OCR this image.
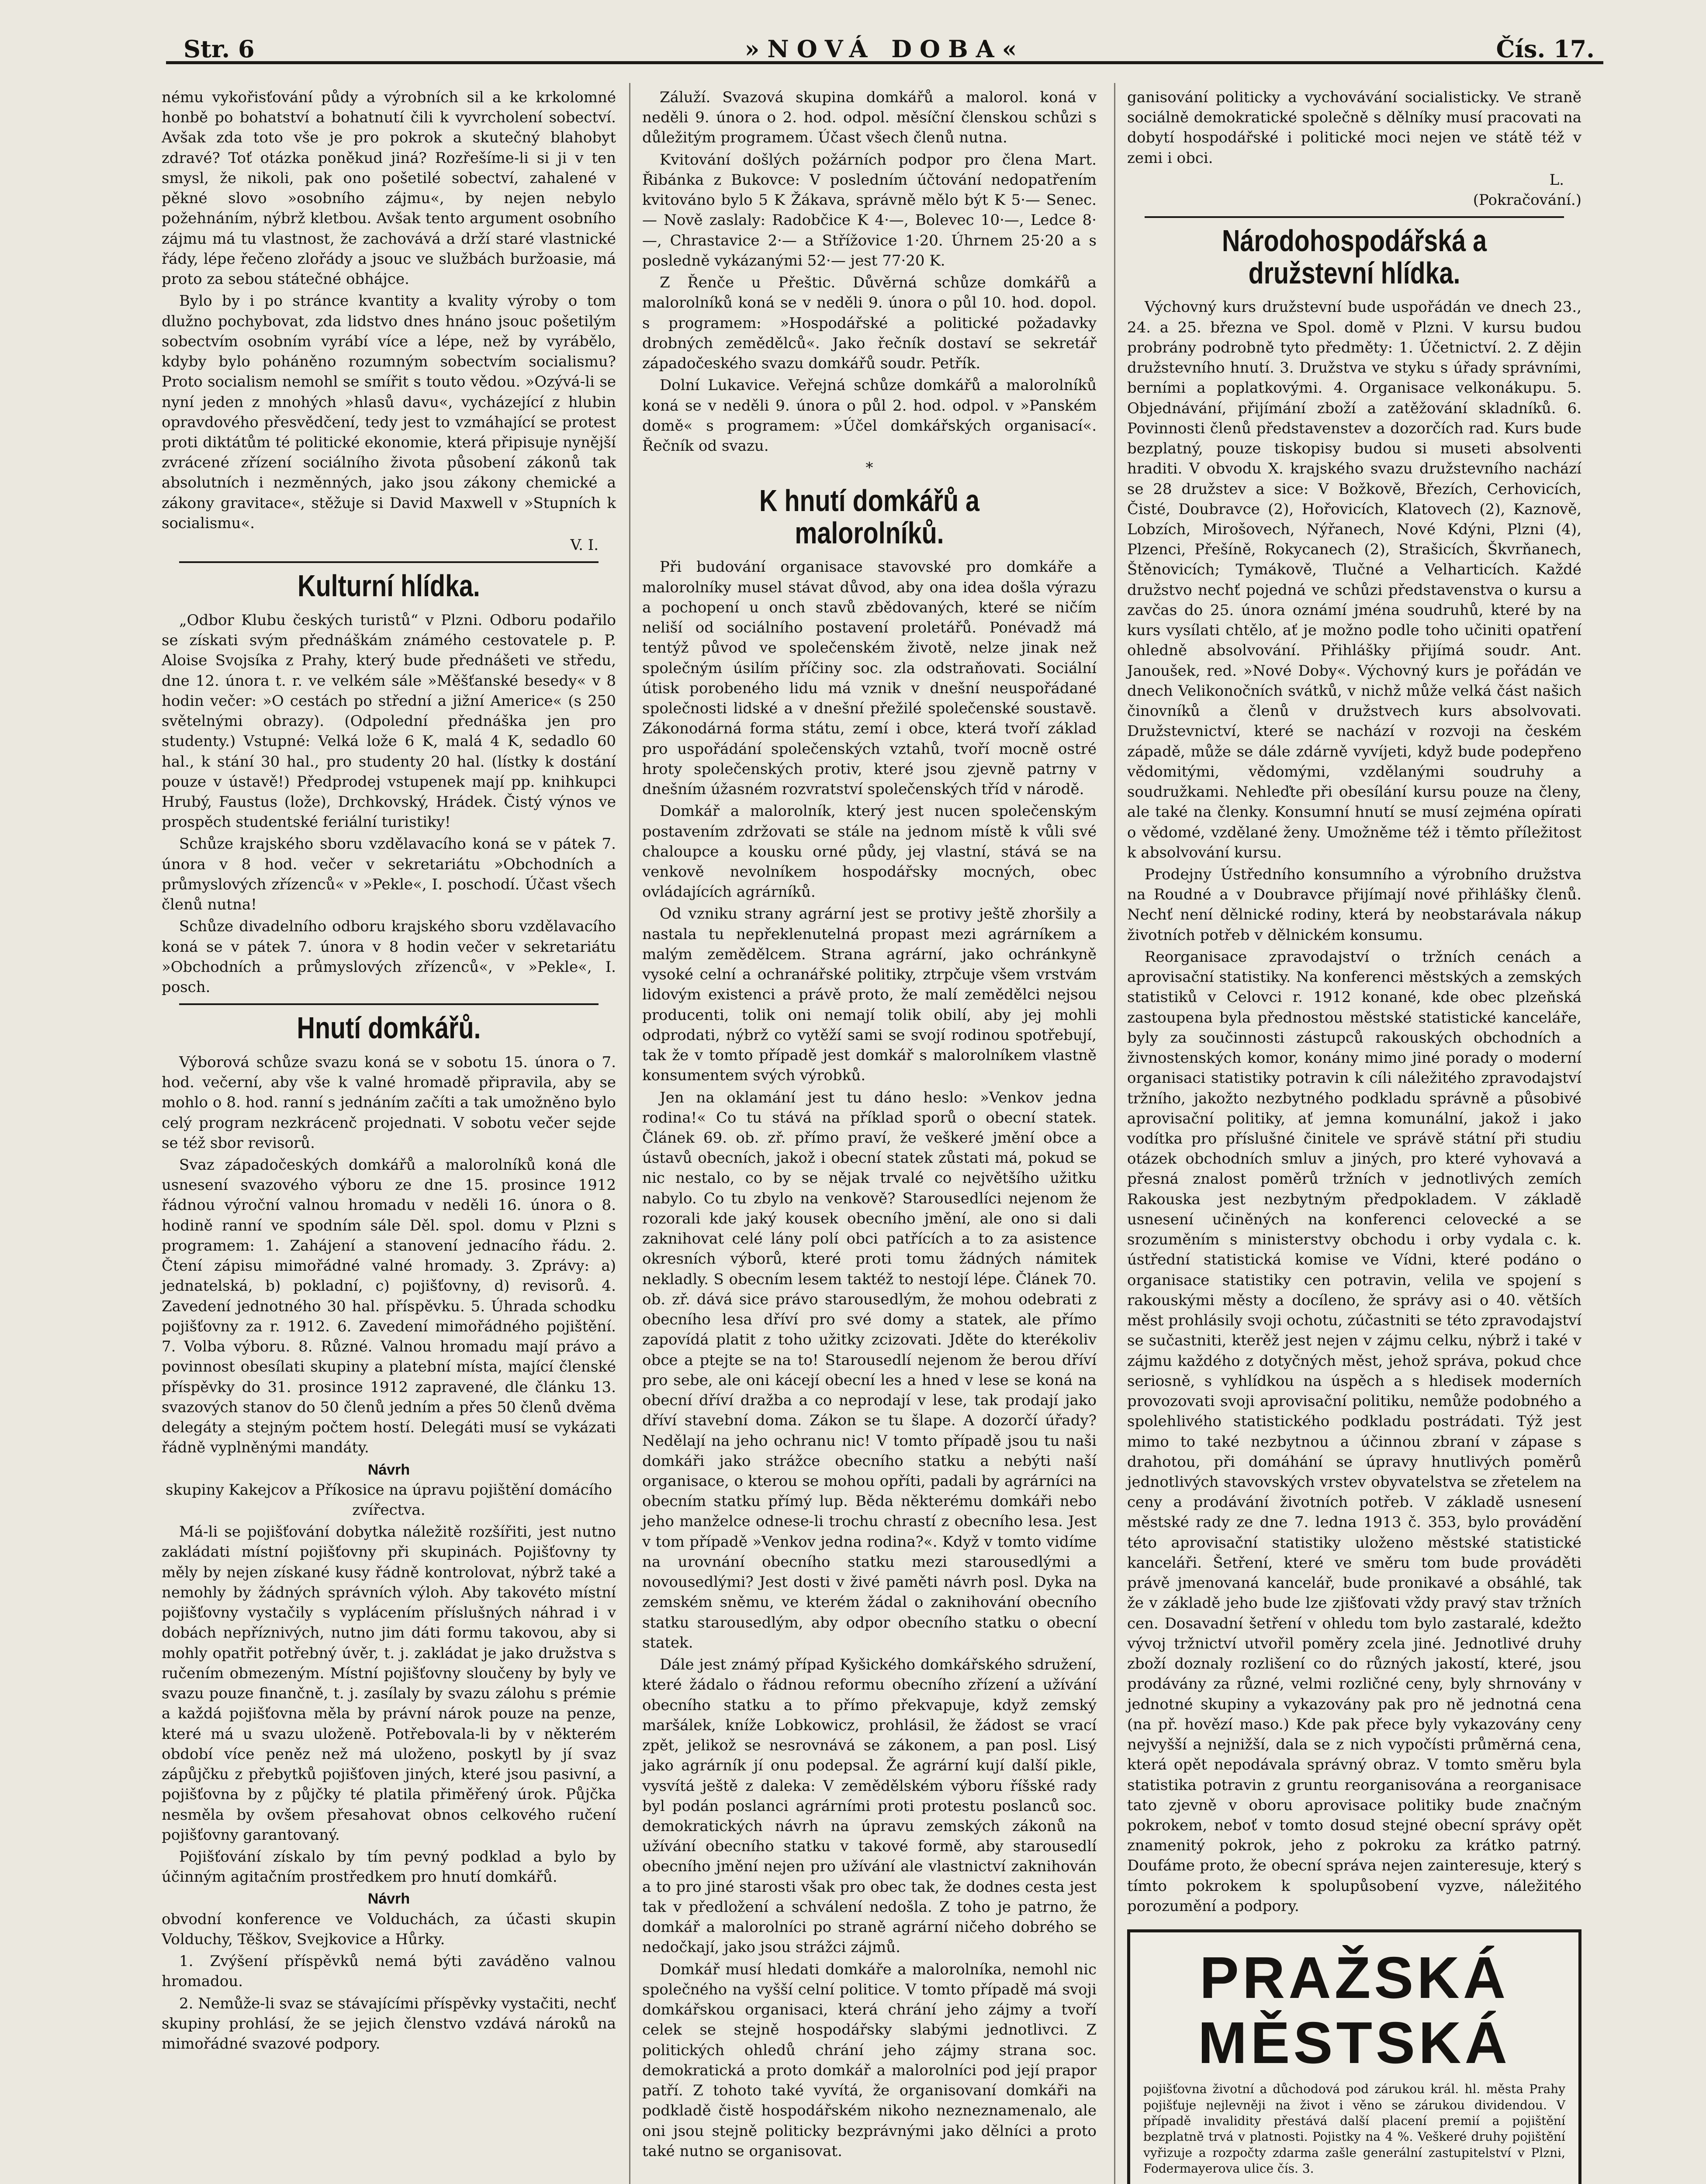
Str. 6	»NOVÁ DOBA«	Čís. 17.

nému vykořisťování půdy a výrobních sil a ke krkolomné honbě po bohatství a bohatnutí čili k vyvrcholení sobectví. Avšak zda toto vše je pro pokrok a skutečný blahobyt zdravé? Toť otázka poněkud jiná? Rozřešíme-li si ji v ten smysl, že nikoli, pak ono pošetilé sobectví, zahalené v pěkné slovo »osobního zájmu«, by nejen nebylo požehnáním, nýbrž kletbou. Avšak tento argument osobního zájmu má tu vlastnost, že zachovává a drží staré vlastnické řády, lépe řečeno zlořády a jsouc ve službách buržoasie, má proto za sebou státečné obhájce.

Bylo by i po stránce kvantity a kvality výroby o tom dlužno pochybovat, zda lidstvo dnes hnáno jsouc pošetilým sobectvím osobním vyrábí více a lépe, než by vyrábělo, kdyby bylo poháněno rozumným sobectvím socialismu? Proto socialism nemohl se smířit s touto vědou. »Ozývá-li se nyní jeden z mnohých »hlasů davu«, vycházející z hlubin opravdového přesvědčení, tedy jest to vzmáhající se protest proti diktátům té politické ekonomie, která připisuje nynější zvrácené zřízení sociálního života působení zákonů tak absolutních i nezměnných, jako jsou zákony chemické a zákony gravitace«, stěžuje si David Maxwell v »Stupních k socialismu«.

V. I.
Kulturní hlídka.

„Odbor Klubu českých turistů“ v Plzni. Odboru podařilo se získati svým přednáškám známého cestovatele p. P. Aloise Svojsíka z Prahy, který bude přednášeti ve středu, dne 12. února t. r. ve velkém sále »Měšťanské besedy« v 8 hodin večer: »O cestách po střední a jižní Americe« (s 250 světelnými obrazy). (Odpolední přednáška jen pro studenty.) Vstupné: Velká lože 6 K, malá 4 K, sedadlo 60 hal., k stání 30 hal., pro studenty 20 hal. (lístky k dostání pouze v ústavě!) Předprodej vstupenek mají pp. knihkupci Hrubý, Faustus (lože), Drchkovský, Hrádek. Čistý výnos ve prospěch studentské feriální turistiky!

Schůze krajského sboru vzdělavacího koná se v pátek 7. února v 8 hod. večer v sekretariátu »Obchodních a průmyslových zřízenců« v »Pekle«, I. poschodí. Účast všech členů nutna!

Schůze divadelního odboru krajského sboru vzdělavacího koná se v pátek 7. února v 8 hodin večer v sekretariátu »Obchodních a průmyslových zřízenců«, v »Pekle«, I. posch.

Hnutí domkářů.

Výborová schůze svazu koná se v sobotu 15. února o 7. hod. večerní, aby vše k valné hromadě připravila, aby se mohlo o 8. hod. ranní s jednáním začíti a tak umožněno bylo celý program nezkrácenč projednati. V sobotu večer sejde se též sbor revisorů.

Svaz západočeských domkářů a malorolníků koná dle usnesení svazového výboru ze dne 15. prosince 1912 řádnou výroční valnou hromadu v neděli 16. února o 8. hodině ranní ve spodním sále Děl. spol. domu v Plzni s programem: 1. Zahájení a stanovení jednacího řádu. 2. Čtení zápisu mimořádné valné hromady. 3. Zprávy: a) jednatelská, b) pokladní, c) pojišťovny, d) revisorů. 4. Zavedení jednotného 30 hal. příspěvku. 5. Úhrada schodku pojišťovny za r. 1912. 6. Zavedení mimořádného pojištění. 7. Volba výboru. 8. Různé. Valnou hromadu mají právo a povinnost obesílati skupiny a platební místa, mající členské příspěvky do 31. prosince 1912 zapravené, dle článku 13. svazových stanov do 50 členů jedním a přes 50 členů dvěma delegáty a stejným počtem hostí. Delegáti musí se vykázati řádně vyplněnými mandáty.

Návrh

skupiny Kakejcov a Příkosice na úpravu pojištění domácího zvířectva.

Má-li se pojišťování dobytka náležitě rozšířiti, jest nutno zakládati místní pojišťovny při skupinách. Pojišťovny ty měly by nejen získané kusy řádně kontrolovat, nýbrž také a nemohly by žádných správních výloh. Aby takovéto místní pojišťovny vystačily s vyplácením příslušných náhrad i v dobách nepříznivých, nutno jim dáti formu takovou, aby si mohly opatřit potřebný úvěr, t. j. zakládat je jako družstva s ručením obmezeným. Místní pojišťovny sloučeny by byly ve svazu pouze finančně, t. j. zasílaly by svazu zálohu s prémie a každá pojišťovna měla by právní nárok pouze na penze, které má u svazu uloženě. Potřebovala-li by v některém období více peněz než má uloženo, poskytl by jí svaz zápůjčku z přebytků pojišťoven jiných, které jsou pasivní, a pojišťovna by z půjčky té platila přiměřený úrok. Půjčka nesměla by ovšem přesahovat obnos celkového ručení pojišťovny garantovaný.

Pojišťování získalo by tím pevný podklad a bylo by účinným agitačním prostředkem pro hnutí domkářů.

Návrh

obvodní konference ve Volduchách, za účasti skupin Volduchy, Těškov, Svejkovice a Hůrky.

1. Zvýšení příspěvků nemá býti zaváděno valnou hromadou.

2. Nemůže-li svaz se stávajícími příspěvky vystačiti, nechť skupiny prohlásí, že se jejich členstvo vzdává nároků na mimořádné svazové podpory.

Záluží. Svazová skupina domkářů a malorol. koná v neděli 9. února o 2. hod. odpol. měsíční členskou schůzi s důležitým programem. Účast všech členů nutna.

Kvitování došlých požárních podpor pro člena Mart. Řibánka z Bukovce: V posledním účtování nedopatřením kvitováno bylo 5 K Žákava, správně mělo být K 5·— Senec. — Nově zaslaly: Radobčice K 4·—, Bolevec 10·—, Ledce 8·—, Chrastavice 2·— a Střížovice 1·20. Úhrnem 25·20 a s posledně vykázanými 52·— jest 77·20 K.

Z Řenče u Přeštic. Důvěrná schůze domkářů a malorolníků koná se v neděli 9. února o půl 10. hod. dopol. s programem: »Hospodářské a politické požadavky drobných zemědělců«. Jako řečník dostaví se sekretář západočeského svazu domkářů soudr. Petřík.

Dolní Lukavice. Veřejná schůze domkářů a malorolníků koná se v neděli 9. února o půl 2. hod. odpol. v »Panském domě« s programem: »Účel domkářských organisací«. Řečník od svazu.

*
K hnutí domkářů a malorolníků.

Při budování organisace stavovské pro domkáře a malorolníky musel stávat důvod, aby ona idea došla výrazu a pochopení u onch stavů zbědovaných, které se ničím neliší od sociálního postavení proletářů. Ponévadž má tentýž původ ve společenském životě, nelze jinak než společným úsilím příčiny soc. zla odstraňovati. Sociální útisk porobeného lidu má vznik v dnešní neuspořádané společnosti lidské a v dnešní přežilé společenské soustavě. Zákonodárná forma státu, zemí i obce, která tvoří základ pro uspořádání společenských vztahů, tvoří mocně ostré hroty společenských protiv, které jsou zjevně patrny v dnešním úžasném rozvratství společenských tříd v národě.

Domkář a malorolník, který jest nucen společenským postavením zdržovati se stále na jednom místě k vůli své chaloupce a kousku orné půdy, jej vlastní, stává se na venkově nevolníkem hospodářsky mocných, obec ovládajících agrárníků.

Od vzniku strany agrární jest se protivy ještě zhoršily a nastala tu nepřeklenutelná propast mezi agrárníkem a malým zemědělcem. Strana agrární, jako ochránkyně vysoké celní a ochranářské politiky, ztrpčuje všem vrstvám lidovým existenci a právě proto, že malí zemědělci nejsou producenti, tolik oni nemají tolik obilí, aby jej mohli odprodati, nýbrž co vytěží sami se svojí rodinou spotřebují, tak že v tomto případě jest domkář s malorolníkem vlastně konsumentem svých výrobků.

Jen na oklamání jest tu dáno heslo: »Venkov jedna rodina!« Co tu stává na příklad sporů o obecní statek. Článek 69. ob. zř. přímo praví, že veškeré jmění obce a ústavů obecních, jakož i obecní statek zůstati má, pokud se nic nestalo, co by se nějak trvalé co největšího užitku nabylo. Co tu zbylo na venkově? Starousedlíci nejenom že rozorali kde jaký kousek obecního jmění, ale ono si dali zaknihovat celé lány polí obci patřících a to za asistence okresních výborů, které proti tomu žádných námitek nekladly. S obecním lesem taktéž to nestojí lépe. Článek 70. ob. zř. dává sice právo starousedlým, že mohou odebrati z obecního lesa dříví pro své domy a statek, ale přímo zapovídá platit z toho užitky zcizovati. Jděte do kterékoliv obce a ptejte se na to! Starousedlí nejenom že berou dříví pro sebe, ale oni kácejí obecní les a hned v lese se koná na obecní dříví dražba a co neprodají v lese, tak prodají jako dříví stavební doma. Zákon se tu šlape. A dozorčí úřady? Nedělají na jeho ochranu nic! V tomto případě jsou tu naši domkáři jako strážce obecního statku a nebýti naší organisace, o kterou se mohou opříti, padali by agrárníci na obecním statku přímý lup. Běda některému domkáři nebo jeho manželce odnese-li trochu chrastí z obecního lesa. Jest v tom případě »Venkov jedna rodina?«. Když v tomto vidíme na urovnání obecního statku mezi starousedlými a novousedlými? Jest dosti v živé paměti návrh posl. Dyka na zemském sněmu, ve kterém žádal o zaknihování obecního statku starousedlým, aby odpor obecního statku o obecní statek.

Dále jest známý případ Kyšického domkářského sdružení, které žádalo o řádnou reformu obecního zřízení a užívání obecního statku a to přímo překvapuje, když zemský maršálek, kníže Lobkowicz, prohlásil, že žádost se vrací zpět, jelikož se nesrovnává se zákonem, a pan posl. Lisý jako agrárník jí onu podepsal. Že agrární kují další pikle, vysvítá ještě z daleka: V zemědělském výboru říšské rady byl podán poslanci agrárními proti protestu poslanců soc. demokratických návrh na úpravu zemských zákonů na užívání obecního statku v takové formě, aby starousedlí obecního jmění nejen pro užívání ale vlastnictví zaknihován a to pro jiné starosti však pro obec tak, že dodnes cesta jest tak v předložení a schválení nedošla. Z toho je patrno, že domkář a malorolníci po straně agrární ničeho dobrého se nedočkají, jako jsou strážci zájmů.

Domkář musí hledati domkáře a malorolníka, nemohl nic společného na vyšší celní politice. V tomto případě má svoji domkářskou organisaci, která chrání jeho zájmy a tvoří celek se stejně hospodářsky slabými jednotlivci. Z politických ohledů chrání jeho zájmy strana soc. demokratická a proto domkář a malorolníci pod její prapor patří. Z tohoto také vyvítá, že organisovaní domkáři na podkladě čistě hospodářském nikoho nezneznamenalo, ale oni jsou stejně politicky bezprávnými jako dělníci a proto také nutno se organisovat.

ganisování politicky a vychovávání socialisticky. Ve straně sociálně demokratické společně s dělníky musí pracovati na dobytí hospodářské i politické moci nejen ve státě též v zemi i obci.

L.
(Pokračování.)
Národohospodářská a družstevní hlídka.

Výchovný kurs družstevní bude uspořádán ve dnech 23., 24. a 25. března ve Spol. domě v Plzni. V kursu budou probrány podrobně tyto předměty: 1. Účetnictví. 2. Z dějin družstevního hnutí. 3. Družstva ve styku s úřady správními, berními a poplatkovými. 4. Organisace velkonákupu. 5. Objednávání, přijímání zboží a zatěžování skladníků. 6. Povinnosti členů představenstev a dozorčích rad. Kurs bude bezplatný, pouze tiskopisy budou si museti absolventi hraditi. V obvodu X. krajského svazu družstevního nachází se 28 družstev a sice: V Božkově, Březích, Cerhovicích, Čisté, Doubravce (2), Hořovicích, Klatovech (2), Kaznově, Lobzích, Mirošovech, Nýřanech, Nové Kdýni, Plzni (4), Plzenci, Přešíně, Rokycanech (2), Strašicích, Škvrňanech, Štěnovicích; Tymákově, Tlučné a Velharticích. Každé družstvo nechť pojedná ve schůzi představenstva o kursu a zavčas do 25. února oznámí jména soudruhů, které by na kurs vysílati chtělo, ať je možno podle toho učiniti opatření ohledně absolvování. Přihlášky přijímá soudr. Ant. Janoušek, red. »Nové Doby«. Výchovný kurs je pořádán ve dnech Velikonočních svátků, v nichž může velká část našich činovníků a členů v družstvech kurs absolvovati. Družstevnictví, které se nachází v rozvoji na českém západě, může se dále zdárně vyvíjeti, když bude podepřeno vědomitými, vědomými, vzdělanými soudruhy a soudružkami. Nehleďte při obesílání kursu pouze na členy, ale také na členky. Konsumní hnutí se musí zejména opírati o vědomé, vzdělané ženy. Umožněme též i těmto příležitost k absolvování kursu.

Prodejny Ústředního konsumního a výrobního družstva na Roudné a v Doubravce přijímají nové přihlášky členů. Nechť není dělnické rodiny, která by neobstarávala nákup životních potřeb v dělnickém konsumu.

Reorganisace zpravodajství o tržních cenách a aprovisační statistiky. Na konferenci městských a zemských statistiků v Celovci r. 1912 konané, kde obec plzeňská zastoupena byla přednostou městské statistické kanceláře, byly za součinnosti zástupců rakouských obchodních a živnostenských komor, konány mimo jiné porady o moderní organisaci statistiky potravin k cíli náležitého zpravodajství tržního, jakožto nezbytného podkladu správně a působivé aprovisační politiky, ať jemna komunální, jakož i jako vodítka pro příslušné činitele ve správě státní při studiu otázek obchodních smluv a jiných, pro které vyhovavá a přesná znalost poměrů tržních v jednotlivých zemích Rakouska jest nezbytným předpokladem. V základě usnesení učiněných na konferenci celovecké a se srozuměním s ministerstvy obchodu i orby vydala c. k. ústřední statistická komise ve Vídni, které podáno o organisace statistiky cen potravin, velila ve spojení s rakouskými městy a docíleno, že správy asi o 40. větších měst prohlásily svoji ochotu, zúčastniti se této zpravodajství se sučastniti, kterěž jest nejen v zájmu celku, nýbrž i také v zájmu každého z dotyčných měst, jehož správa, pokud chce seriosně, s vyhlídkou na úspěch a s hledisek moderních provozovati svoji aprovisační politiku, nemůže podobného a spolehlivého statistického podkladu postrádati. Týž jest mimo to také nezbytnou a účinnou zbraní v zápase s drahotou, při domáhání se úpravy hnutlivých poměrů jednotlivých stavovských vrstev obyvatelstva se zřetelem na ceny a prodávání životních potřeb. V základě usnesení městské rady ze dne 7. ledna 1913 č. 353, bylo provádění této aprovisační statistiky uloženo městské statistické kanceláři. Šetření, které ve směru tom bude prováděti právě jmenovaná kancelář, bude pronikavé a obsáhlé, tak že v základě jeho bude lze zjišťovati vždy pravý stav tržních cen. Dosavadní šetření v ohledu tom bylo zastaralé, kdežto vývoj tržnictví utvořil poměry zcela jiné. Jednotlivé druhy zboží doznaly rozlišení co do různých jakostí, které, jsou prodávány za různé, velmi rozličné ceny, byly shrnovány v jednotné skupiny a vykazovány pak pro ně jednotná cena (na př. hovězí maso.) Kde pak přece byly vykazovány ceny nejvyšší a nejnižší, dala se z nich vypočísti průměrná cena, která opět nepodávala správný obraz. V tomto směru byla statistika potravin z gruntu reorganisována a reorganisace tato zjevně v oboru aprovisace politiky bude značným pokrokem, neboť v tomto dosud stejné obecní správy opět znamenitý pokrok, jeho z pokroku za krátko patrný. Doufáme proto, že obecní správa nejen zainteresuje, který s tímto pokrokem k spolupůsobení vyzve, náležitého porozumění a podpory.

PRAŽSKÁ
MĚSTSKÁ
pojišťovna životní a důchodová pod zárukou král. hl. města Prahy pojišťuje nejlevněji na život i věno se zárukou dividendou. V případě invalidity přestává další placení premií a pojištění bezplatně trvá v platnosti. Pojistky na 4 %. Veškeré druhy pojištění vyřizuje a rozpočty zdarma zašle generální zastupitelství v Plzni, Fodermayerova ulice čís. 3.
